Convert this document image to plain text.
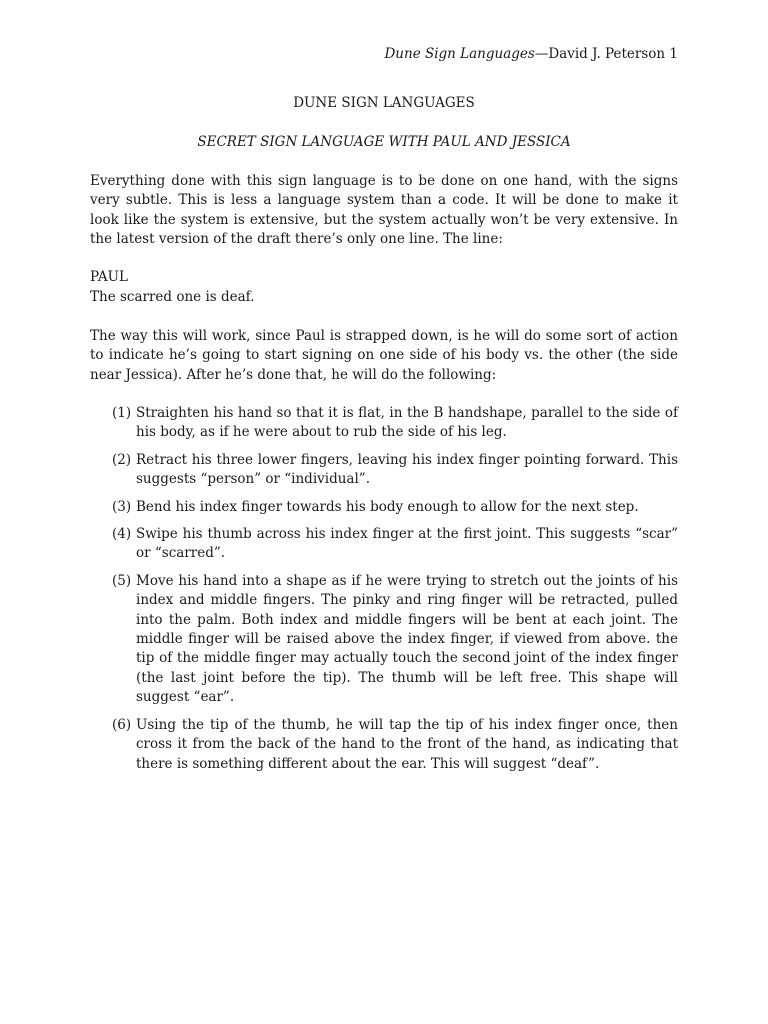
Dune Sign Languages—David J. Peterson 1
DUNE SIGN LANGUAGES
SECRET SIGN LANGUAGE WITH PAUL AND JESSICA

Everything done with this sign language is to be done on one hand, with the signs very subtle. This is less a language system than a code. It will be done to make it look like the system is extensive, but the system actually won’t be very extensive. In the latest version of the draft there’s only one line. The line:

PAUL

The scarred one is deaf.

The way this will work, since Paul is strapped down, is he will do some sort of action to indicate he’s going to start signing on one side of his body vs. the other (the side near Jessica). After he’s done that, he will do the following:

(1) Straighten his hand so that it is flat, in the B handshape, parallel to the side of his body, as if he were about to rub the side of his leg.
(2) Retract his three lower fingers, leaving his index finger pointing forward. This suggests “person” or “individual”.
(3) Bend his index finger towards his body enough to allow for the next step.
(4) Swipe his thumb across his index finger at the first joint. This suggests “scar” or “scarred”.
(5) Move his hand into a shape as if he were trying to stretch out the joints of his index and middle fingers. The pinky and ring finger will be retracted, pulled into the palm. Both index and middle fingers will be bent at each joint. The middle finger will be raised above the index finger, if viewed from above. the tip of the middle finger may actually touch the second joint of the index finger (the last joint before the tip). The thumb will be left free. This shape will suggest “ear”.
(6) Using the tip of the thumb, he will tap the tip of his index finger once, then cross it from the back of the hand to the front of the hand, as indicating that there is something different about the ear. This will suggest “deaf”.
